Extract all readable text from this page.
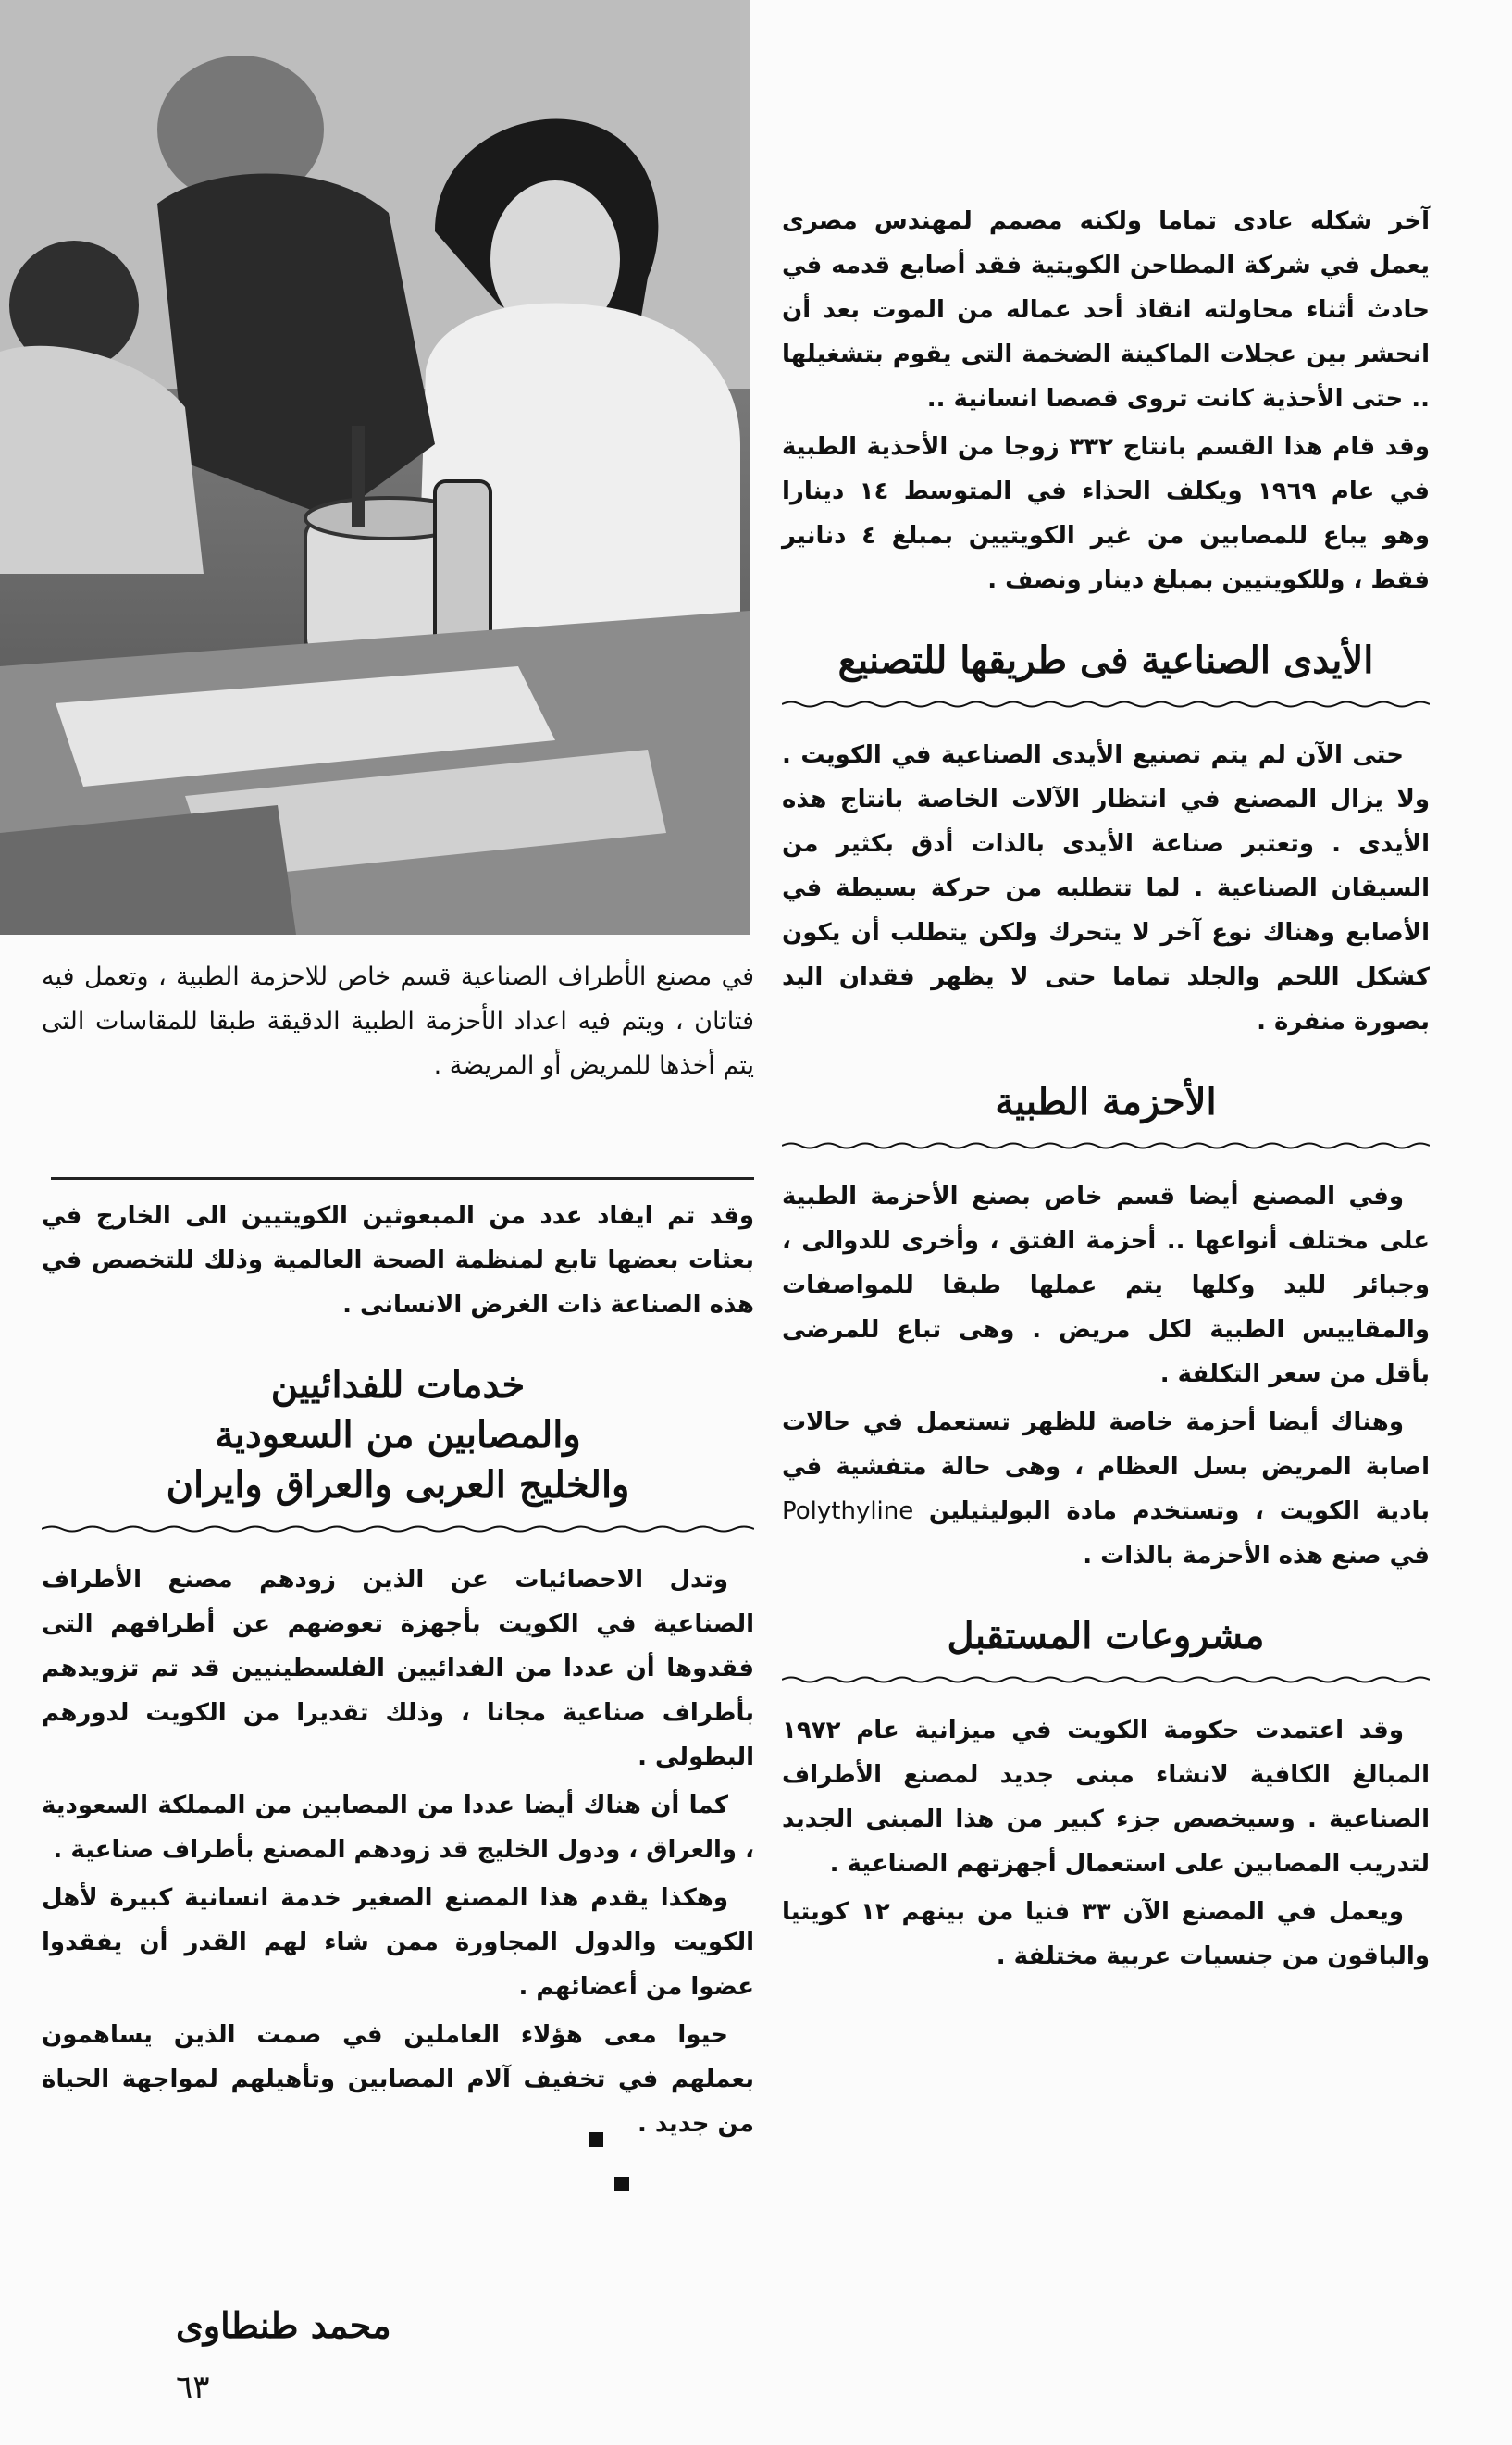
في مصنع الأطراف الصناعية قسم خاص للاحزمة الطبية ، وتعمل فيه فتاتان ، ويتم فيه اعداد الأحزمة الطبية الدقيقة طبقا للمقاسات التى يتم أخذها للمريض أو المريضة .

آخر شكله عادى تماما ولكنه مصمم لمهندس مصرى يعمل في شركة المطاحن الكويتية فقد أصابع قدمه في حادث أثناء محاولته انقاذ أحد عماله من الموت بعد أن انحشر بين عجلات الماكينة الضخمة التى يقوم بتشغيلها .. حتى الأحذية كانت تروى قصصا انسانية ..

وقد قام هذا القسم بانتاج ٣٣٢ زوجا من الأحذية الطبية في عام ١٩٦٩ ويكلف الحذاء في المتوسط ١٤ دينارا وهو يباع للمصابين من غير الكويتيين بمبلغ ٤ دنانير فقط ، وللكويتيين بمبلغ دينار ونصف .

الأيدى الصناعية فى طريقها للتصنيع

حتى الآن لم يتم تصنيع الأيدى الصناعية في الكويت . ولا يزال المصنع في انتظار الآلات الخاصة بانتاج هذه الأيدى . وتعتبر صناعة الأيدى بالذات أدق بكثير من السيقان الصناعية . لما تتطلبه من حركة بسيطة في الأصابع وهناك نوع آخر لا يتحرك ولكن يتطلب أن يكون كشكل اللحم والجلد تماما حتى لا يظهر فقدان اليد بصورة منفرة .

الأحزمة الطبية

وفي المصنع أيضا قسم خاص بصنع الأحزمة الطبية على مختلف أنواعها .. أحزمة الفتق ، وأخرى للدوالى ، وجبائر لليد وكلها يتم عملها طبقا للمواصفات والمقاييس الطبية لكل مريض . وهى تباع للمرضى بأقل من سعر التكلفة .

وهناك أيضا أحزمة خاصة للظهر تستعمل في حالات اصابة المريض بسل العظام ، وهى حالة متفشية في بادية الكويت ، وتستخدم مادة البوليثيلين Polythyline في صنع هذه الأحزمة بالذات .

مشروعات المستقبل

وقد اعتمدت حكومة الكويت في ميزانية عام ١٩٧٢ المبالغ الكافية لانشاء مبنى جديد لمصنع الأطراف الصناعية . وسيخصص جزء كبير من هذا المبنى الجديد لتدريب المصابين على استعمال أجهزتهم الصناعية .

ويعمل في المصنع الآن ٣٣ فنيا من بينهم ١٢ كويتيا والباقون من جنسيات عربية مختلفة .

وقد تم ايفاد عدد من المبعوثين الكويتيين الى الخارج في بعثات بعضها تابع لمنظمة الصحة العالمية وذلك للتخصص في هذه الصناعة ذات الغرض الانسانى .

خدمات للفدائيين
والمصابين من السعودية
والخليج العربى والعراق وايران

وتدل الاحصائيات عن الذين زودهم مصنع الأطراف الصناعية في الكويت بأجهزة تعوضهم عن أطرافهم التى فقدوها أن عددا من الفدائيين الفلسطينيين قد تم تزويدهم بأطراف صناعية مجانا ، وذلك تقديرا من الكويت لدورهم البطولى .

كما أن هناك أيضا عددا من المصابين من المملكة السعودية ، والعراق ، ودول الخليج قد زودهم المصنع بأطراف صناعية .

وهكذا يقدم هذا المصنع الصغير خدمة انسانية كبيرة لأهل الكويت والدول المجاورة ممن شاء لهم القدر أن يفقدوا عضوا من أعضائهم .

حيوا معى هؤلاء العاملين في صمت الذين يساهمون بعملهم في تخفيف آلام المصابين وتأهيلهم لمواجهة الحياة من جديد .

محمد طنطاوى
٦٣
